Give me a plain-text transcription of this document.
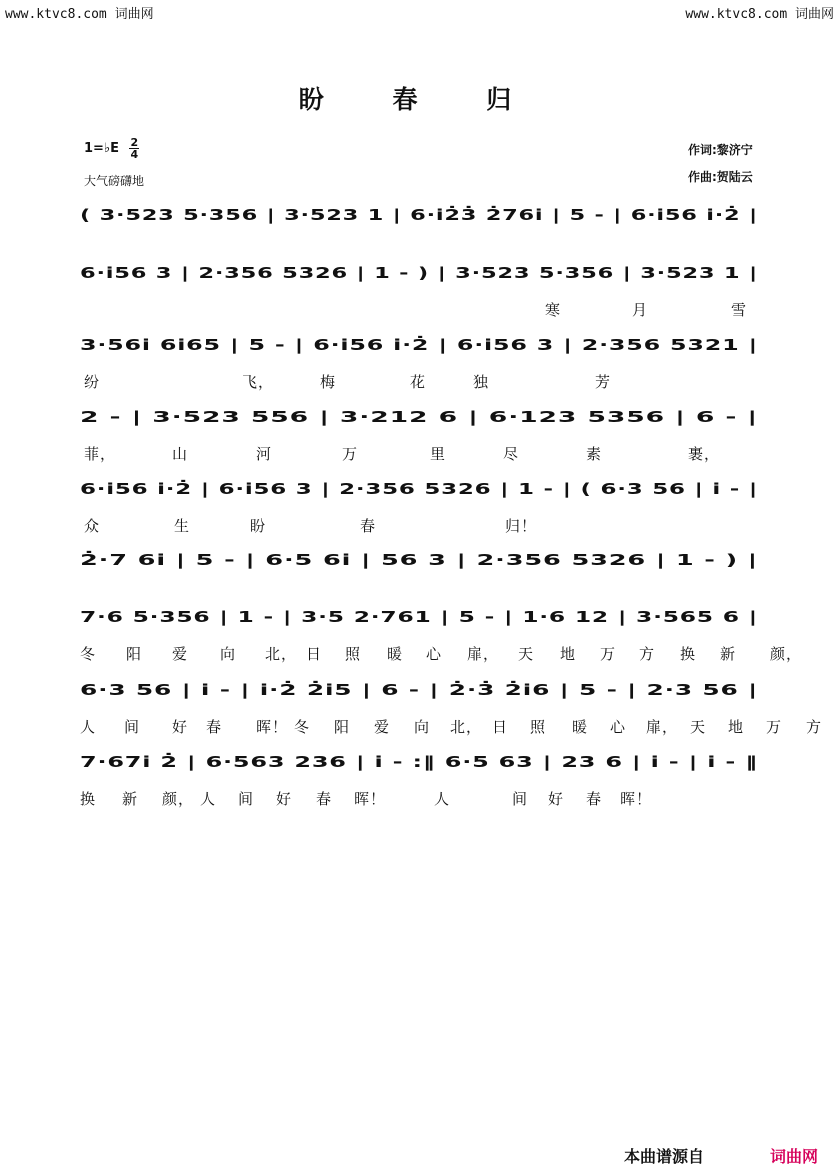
www.ktvc8.com 词曲网	www.ktvc8.com 词曲网
盼 春 归
1=♭E $\frac{2}{4}$
大气磅礴地
作词:黎济宁
作曲:贺陆云
( 3·523 5·356 | 3·523 1 | 6·i2̇3̇ 2̇76i | 5 - | 6·i56 i·2̇ |
6·i56 3 | 2·356 5326 | 1 - ) | 3·523 5·356 | 3·523 1 |
寒	月	雪
3·56i 6i65 | 5 - | 6·i56 i·2̇ | 6·i56 3 | 2·356 5321 |
纷	飞，	梅	花	独	芳
2 - | 3·523 556 | 3·212 6 | 6·123 5356 | 6 - |
菲，	山	河	万	里	尽	素	裹，
6·i56 i·2̇ | 6·i56 3 | 2·356 5326 | 1 - | ( 6·3 56 | i - |
众	生	盼	春	归！
2̇·7 6i | 5 - | 6·5 6i | 56 3 | 2·356 5326 | 1 - ) |
7·6 5·356 | 1 - | 3·5 2·761 | 5 - | 1·6 12 | 3·565 6 |
冬 阳 爱 向 北， 日 照 暖 心 扉， 天 地 万 方 换 新 颜，
6·3 56 | i - | i·2̇ 2̇i5 | 6 - | 2̇·3̇ 2̇i6 | 5 - | 2·3 56 |
人 间 好 春 晖！ 冬 阳 爱 向 北， 日 照 暖 心 扉， 天 地 万 方
7·67i 2̇ | 6·563 236 | i - :‖ 6·5 63 | 23 6 | i - | i - ‖
换 新 颜， 人 间 好 春 晖！	人	间 好 春 晖！
本曲谱源自	词曲网
